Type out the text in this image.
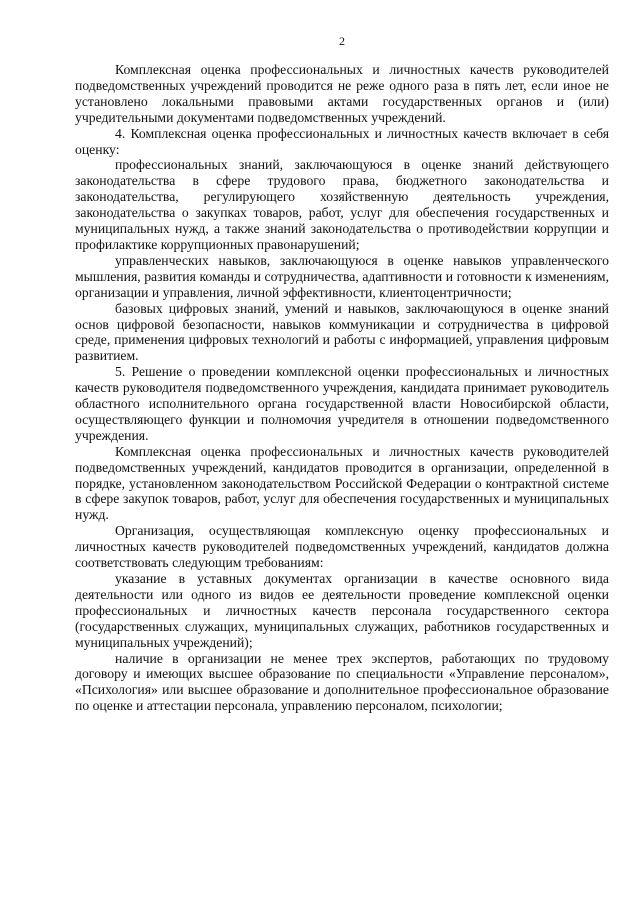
2

Комплексная оценка профессиональных и личностных качеств руководителей подведомственных учреждений проводится не реже одного раза в пять лет, если иное не установлено локальными правовыми актами государственных органов и (или) учредительными документами подведомственных учреждений.

4. Комплексная оценка профессиональных и личностных качеств включает в себя оценку:

профессиональных знаний, заключающуюся в оценке знаний действующего законодательства в сфере трудового права, бюджетного законодательства и законодательства, регулирующего хозяйственную деятельность учреждения, законодательства о закупках товаров, работ, услуг для обеспечения государственных и муниципальных нужд, а также знаний законодательства о противодействии коррупции и профилактике коррупционных правонарушений;

управленческих навыков, заключающуюся в оценке навыков управленческого мышления, развития команды и сотрудничества, адаптивности и готовности к изменениям, организации и управления, личной эффективности, клиентоцентричности;

базовых цифровых знаний, умений и навыков, заключающуюся в оценке знаний основ цифровой безопасности, навыков коммуникации и сотрудничества в цифровой среде, применения цифровых технологий и работы с информацией, управления цифровым развитием.

5. Решение о проведении комплексной оценки профессиональных и личностных качеств руководителя подведомственного учреждения, кандидата принимает руководитель областного исполнительного органа государственной власти Новосибирской области, осуществляющего функции и полномочия учредителя в отношении подведомственного учреждения.

Комплексная оценка профессиональных и личностных качеств руководителей подведомственных учреждений, кандидатов проводится в организации, определенной в порядке, установленном законодательством Российской Федерации о контрактной системе в сфере закупок товаров, работ, услуг для обеспечения государственных и муниципальных нужд.

Организация, осуществляющая комплексную оценку профессиональных и личностных качеств руководителей подведомственных учреждений, кандидатов должна соответствовать следующим требованиям:

указание в уставных документах организации в качестве основного вида деятельности или одного из видов ее деятельности проведение комплексной оценки профессиональных и личностных качеств персонала государственного сектора (государственных служащих, муниципальных служащих, работников государственных и муниципальных учреждений);

наличие в организации не менее трех экспертов, работающих по трудовому договору и имеющих высшее образование по специальности «Управление персоналом», «Психология» или высшее образование и дополнительное профессиональное образование по оценке и аттестации персонала, управлению персоналом, психологии;
